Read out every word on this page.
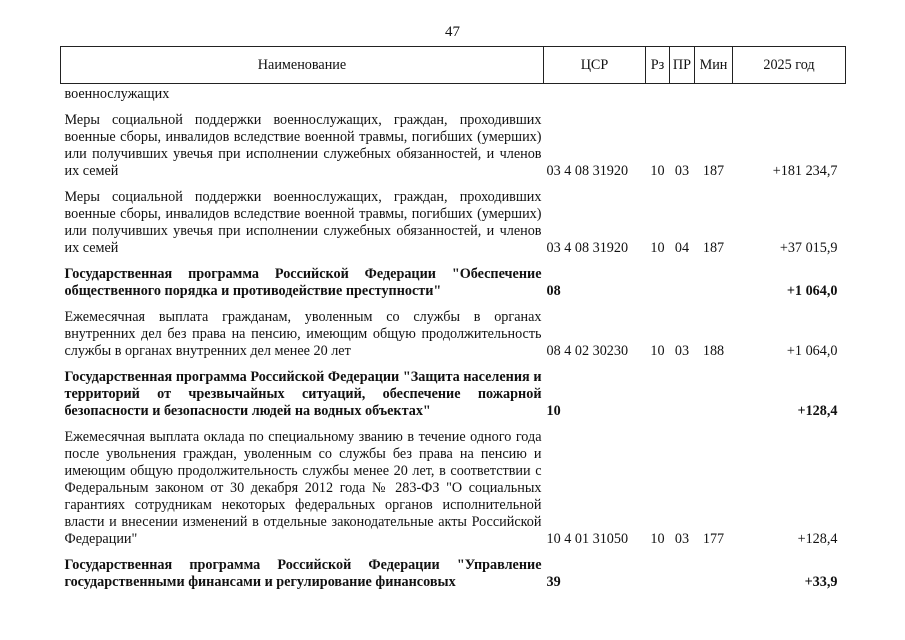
47
Наименование	ЦСР	Рз	ПР	Мин	2025 год
военнослужащих					
Меры социальной поддержки военнослужащих, граждан, проходивших военные сборы, инвалидов вследствие военной травмы, погибших (умерших) или получивших увечья при исполнении служебных обязанностей, и членов их семей	03 4 08 31920	10	03	187	+181 234,7
Меры социальной поддержки военнослужащих, граждан, проходивших военные сборы, инвалидов вследствие военной травмы, погибших (умерших) или получивших увечья при исполнении служебных обязанностей, и членов их семей	03 4 08 31920	10	04	187	+37 015,9
Государственная программа Российской Федерации "Обеспечение общественного порядка и противодействие преступности"	08				+1 064,0
Ежемесячная выплата гражданам, уволенным со службы в органах внутренних дел без права на пенсию, имеющим общую продолжительность службы в органах внутренних дел менее 20 лет	08 4 02 30230	10	03	188	+1 064,0
Государственная программа Российской Федерации "Защита населения и территорий от чрезвычайных ситуаций, обеспечение пожарной безопасности и безопасности людей на водных объектах"	10				+128,4
Ежемесячная выплата оклада по специальному званию в течение одного года после увольнения граждан, уволенным со службы без права на пенсию и имеющим общую продолжительность службы менее 20 лет, в соответствии с Федеральным законом от 30 декабря 2012 года № 283-ФЗ "О социальных гарантиях сотрудникам некоторых федеральных органов исполнительной власти и внесении изменений в отдельные законодательные акты Российской Федерации"	10 4 01 31050	10	03	177	+128,4
Государственная программа Российской Федерации "Управление государственными финансами и регулирование финансовых	39				+33,9
